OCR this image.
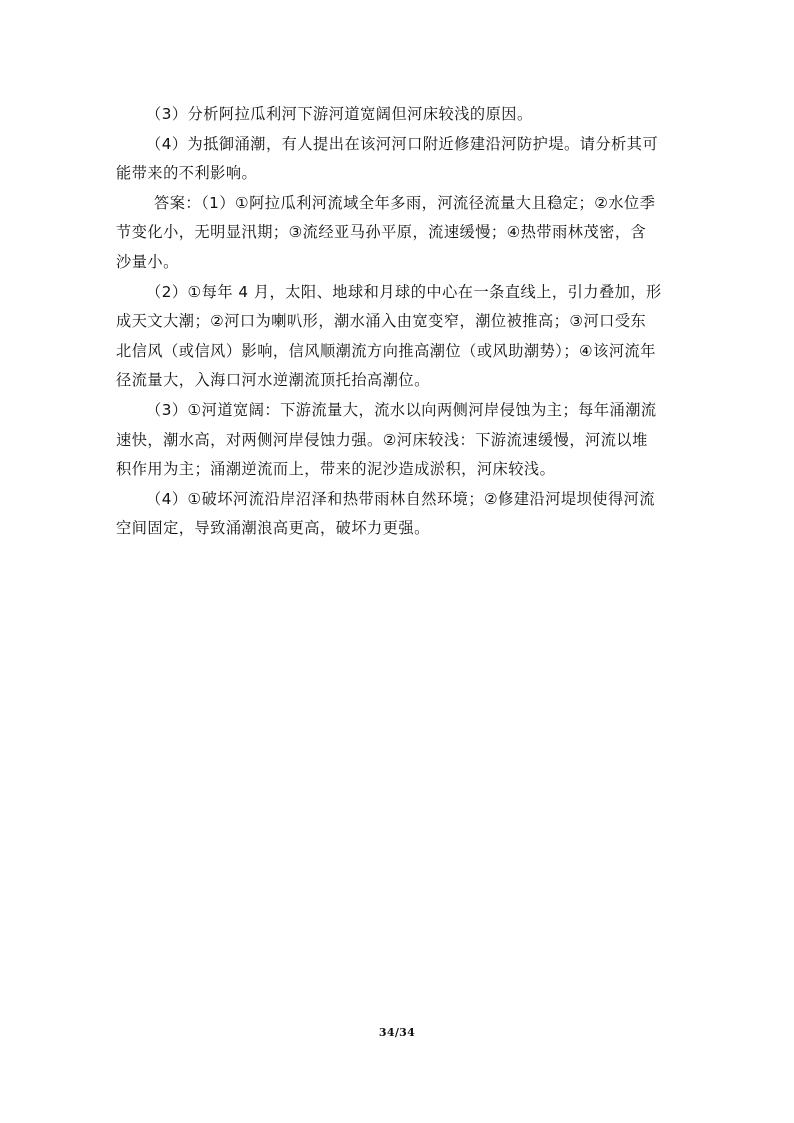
（3）分析阿拉瓜利河下游河道宽阔但河床较浅的原因。

（4）为抵御涌潮，有人提出在该河河口附近修建沿河防护堤。请分析其可
能带来的不利影响。

答案：（1）①阿拉瓜利河流域全年多雨，河流径流量大且稳定；②水位季
节变化小，无明显汛期；③流经亚马孙平原，流速缓慢；④热带雨林茂密，含
沙量小。

（2）①每年 4 月，太阳、地球和月球的中心在一条直线上，引力叠加，形
成天文大潮；②河口为喇叭形，潮水涌入由宽变窄，潮位被推高；③河口受东
北信风（或信风）影响，信风顺潮流方向推高潮位（或风助潮势）；④该河流年
径流量大，入海口河水逆潮流顶托抬高潮位。

（3）①河道宽阔：下游流量大，流水以向两侧河岸侵蚀为主；每年涌潮流
速快，潮水高，对两侧河岸侵蚀力强。②河床较浅：下游流速缓慢，河流以堆
积作用为主；涌潮逆流而上，带来的泥沙造成淤积，河床较浅。

（4）①破坏河流沿岸沼泽和热带雨林自然环境；②修建沿河堤坝使得河流
空间固定，导致涌潮浪高更高，破坏力更强。

34/34
